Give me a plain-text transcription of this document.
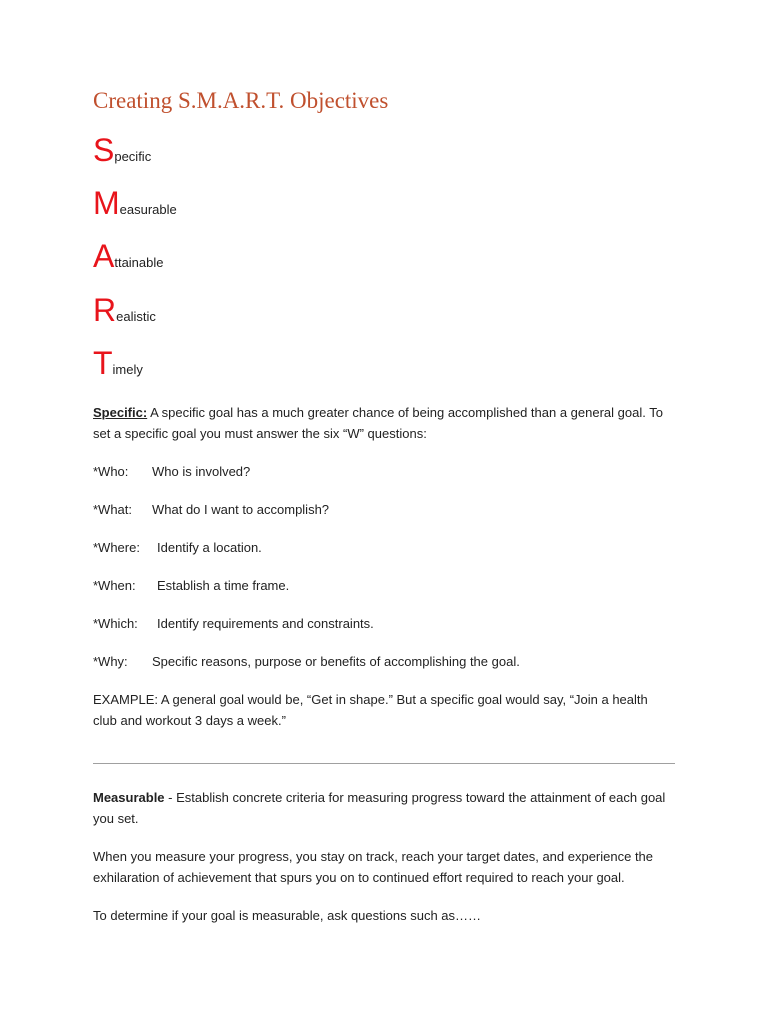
Creating S.M.A.R.T. Objectives
Specific
Measurable
Attainable
Realistic
Timely

Specific: A specific goal has a much greater chance of being accomplished than a general goal. To set a specific goal you must answer the six “W” questions:

*Who: Who is involved?
*What: What do I want to accomplish?
*Where: Identify a location.
*When: Establish a time frame.
*Which: Identify requirements and constraints.
*Why: Specific reasons, purpose or benefits of accomplishing the goal.

EXAMPLE: A general goal would be, “Get in shape.” But a specific goal would say, “Join a health club and workout 3 days a week.”

Measurable - Establish concrete criteria for measuring progress toward the attainment of each goal you set.

When you measure your progress, you stay on track, reach your target dates, and experience the exhilaration of achievement that spurs you on to continued effort required to reach your goal.

To determine if your goal is measurable, ask questions such as……
